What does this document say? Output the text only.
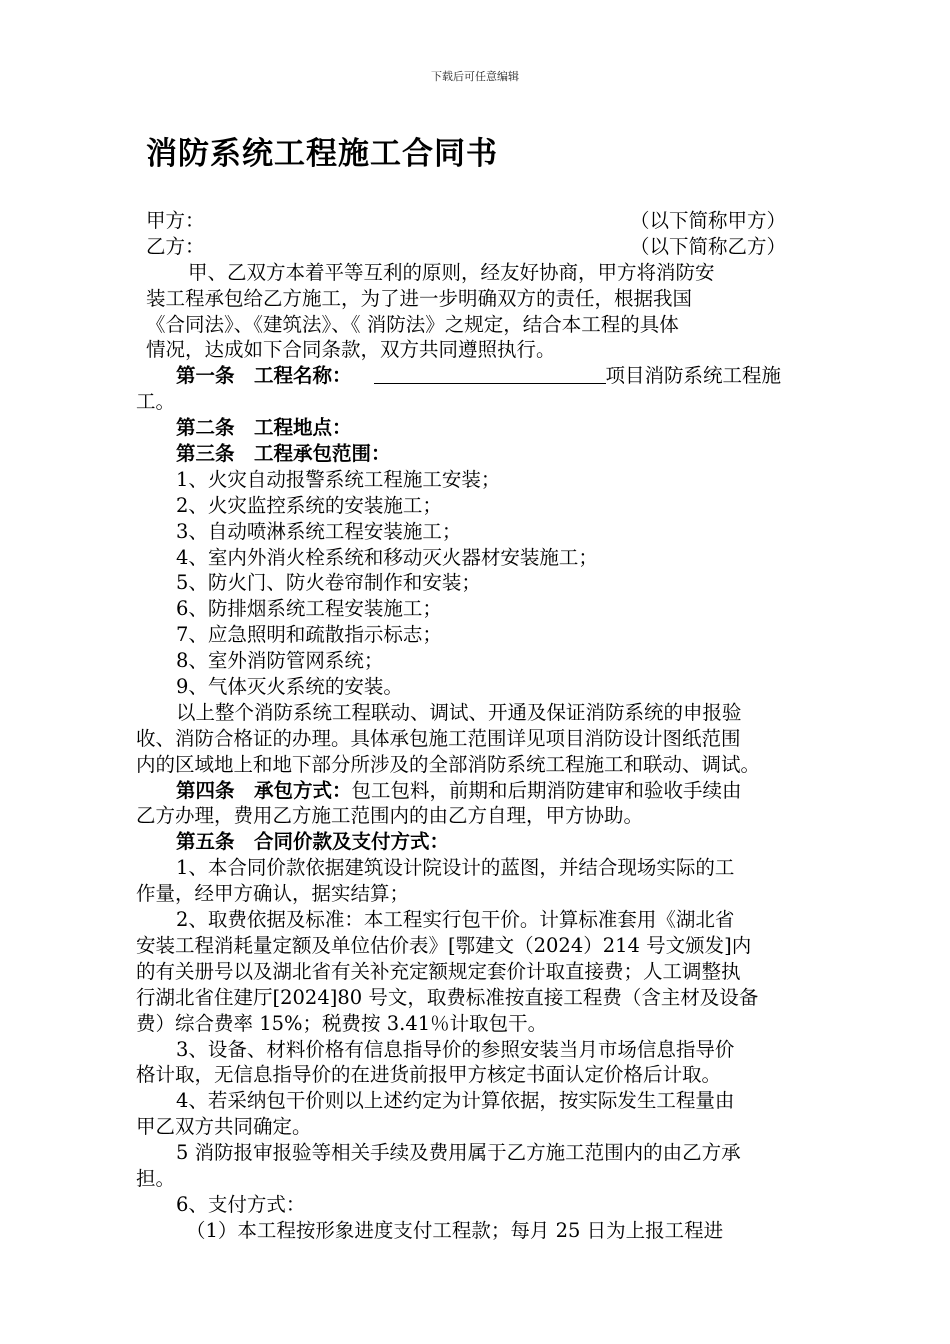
下载后可任意编辑
消防系统工程施工合同书
甲方：	（以下简称甲方）
乙方：	（以下简称乙方）
甲、乙双方本着平等互利的原则，经友好协商，甲方将消防安
装工程承包给乙方施工，为了进一步明确双方的责任，根据我国
《合同法》、《建筑法》、《 消防法》之规定，结合本工程的具体
情况，达成如下合同条款，双方共同遵照执行。
第一条　工程名称：	项目消防系统工程施
工。
第二条　工程地点：
第三条　工程承包范围：
1、火灾自动报警系统工程施工安装；
2、火灾监控系统的安装施工；
3、自动喷淋系统工程安装施工；
4、室内外消火栓系统和移动灭火器材安装施工；
5、防火门、防火卷帘制作和安装；
6、防排烟系统工程安装施工；
7、应急照明和疏散指示标志；
8、室外消防管网系统；
9、气体灭火系统的安装。
以上整个消防系统工程联动、调试、开通及保证消防系统的申报验
收、消防合格证的办理。具体承包施工范围详见项目消防设计图纸范围
内的区域地上和地下部分所涉及的全部消防系统工程施工和联动、调试。
第四条　承包方式：包工包料，前期和后期消防建审和验收手续由
乙方办理，费用乙方施工范围内的由乙方自理，甲方协助。
第五条　合同价款及支付方式：
1、本合同价款依据建筑设计院设计的蓝图，并结合现场实际的工
作量，经甲方确认，据实结算；
2、取费依据及标准：本工程实行包干价。计算标准套用《湖北省
安装工程消耗量定额及单位估价表》[鄂建文（2024）214 号文颁发]内
的有关册号以及湖北省有关补充定额规定套价计取直接费；人工调整执
行湖北省住建厅[2024]80 号文，取费标准按直接工程费（含主材及设备
费）综合费率 15%；税费按 3.41％计取包干。
3、设备、材料价格有信息指导价的参照安装当月市场信息指导价
格计取，无信息指导价的在进货前报甲方核定书面认定价格后计取。
4、若采纳包干价则以上述约定为计算依据，按实际发生工程量由
甲乙双方共同确定。
5 消防报审报验等相关手续及费用属于乙方施工范围内的由乙方承
担。
6、支付方式：
（1）本工程按形象进度支付工程款；每月 25 日为上报工程进
